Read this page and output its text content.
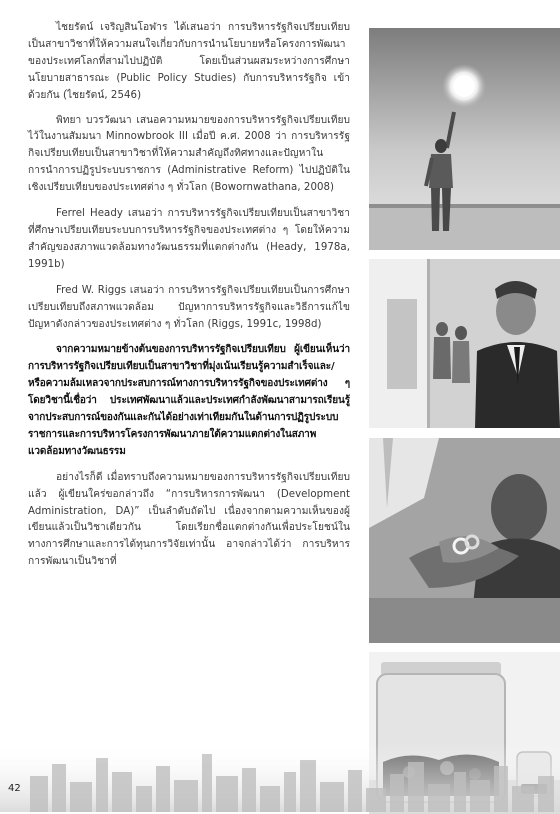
ไชยรัตน์ เจริญสินโอฬาร ได้เสนอว่า การบริหารรัฐกิจเปรียบเทียบเป็นสาขาวิชาที่ให้ความสนใจเกี่ยวกับการนำนโยบายหรือโครงการพัฒนาของประเทศโลกที่สามไปปฏิบัติ โดยเป็นส่วนผสมระหว่างการศึกษานโยบายสาธารณะ (Public Policy Studies) กับการบริหารรัฐกิจ เข้าด้วยกัน (ไชยรัตน์, 2546)

พิทยา บวรวัฒนา เสนอความหมายของการบริหารรัฐกิจเปรียบเทียบไว้ในงานสัมมนา Minnowbrook III เมื่อปี ค.ศ. 2008 ว่า การบริหารรัฐกิจเปรียบเทียบเป็นสาขาวิชาที่ให้ความสำคัญถึงทิศทางและปัญหาในการนำการปฏิรูประบบราชการ (Administrative Reform) ไปปฏิบัติในเชิงเปรียบเทียบของประเทศต่าง ๆ ทั่วโลก (Bowornwathana, 2008)

Ferrel Heady เสนอว่า การบริหารรัฐกิจเปรียบเทียบเป็นสาขาวิชาที่ศึกษาเปรียบเทียบระบบการบริหารรัฐกิจของประเทศต่าง ๆ โดยให้ความสำคัญของสภาพแวดล้อมทางวัฒนธรรมที่แตกต่างกัน (Heady, 1978a, 1991b)

Fred W. Riggs เสนอว่า การบริหารรัฐกิจเปรียบเทียบเป็นการศึกษาเปรียบเทียบถึงสภาพแวดล้อม ปัญหาการบริหารรัฐกิจและวิธีการแก้ไขปัญหาดังกล่าวของประเทศต่าง ๆ ทั่วโลก (Riggs, 1991c, 1998d)

จากความหมายข้างต้นของการบริหารรัฐกิจเปรียบเทียบ ผู้เขียนเห็นว่า การบริหารรัฐกิจเปรียบเทียบเป็นสาขาวิชาที่มุ่งเน้นเรียนรู้ความสำเร็จและ/หรือความล้มเหลวจากประสบการณ์ทางการบริหารรัฐกิจของประเทศต่าง ๆ โดยวิชานี้เชื่อว่า ประเทศพัฒนาแล้วและประเทศกำลังพัฒนาสามารถเรียนรู้จากประสบการณ์ของกันและกันได้อย่างเท่าเทียมกันในด้านการปฏิรูประบบราชการและการบริหารโครงการพัฒนาภายใต้ความแตกต่างในสภาพแวดล้อมทางวัฒนธรรม

อย่างไรก็ดี เมื่อทราบถึงความหมายของการบริหารรัฐกิจเปรียบเทียบแล้ว ผู้เขียนใคร่ขอกล่าวถึง “การบริหารการพัฒนา (Development Administration, DA)” เป็นลำดับถัดไป เนื่องจากตามความเห็นของผู้เขียนแล้วเป็นวิชาเดียวกัน โดยเรียกชื่อแตกต่างกันเพื่อประโยชน์ในทางการศึกษาและการได้ทุนการวิจัยเท่านั้น อาจกล่าวได้ว่า การบริหารการพัฒนาเป็นวิชาที่

42
